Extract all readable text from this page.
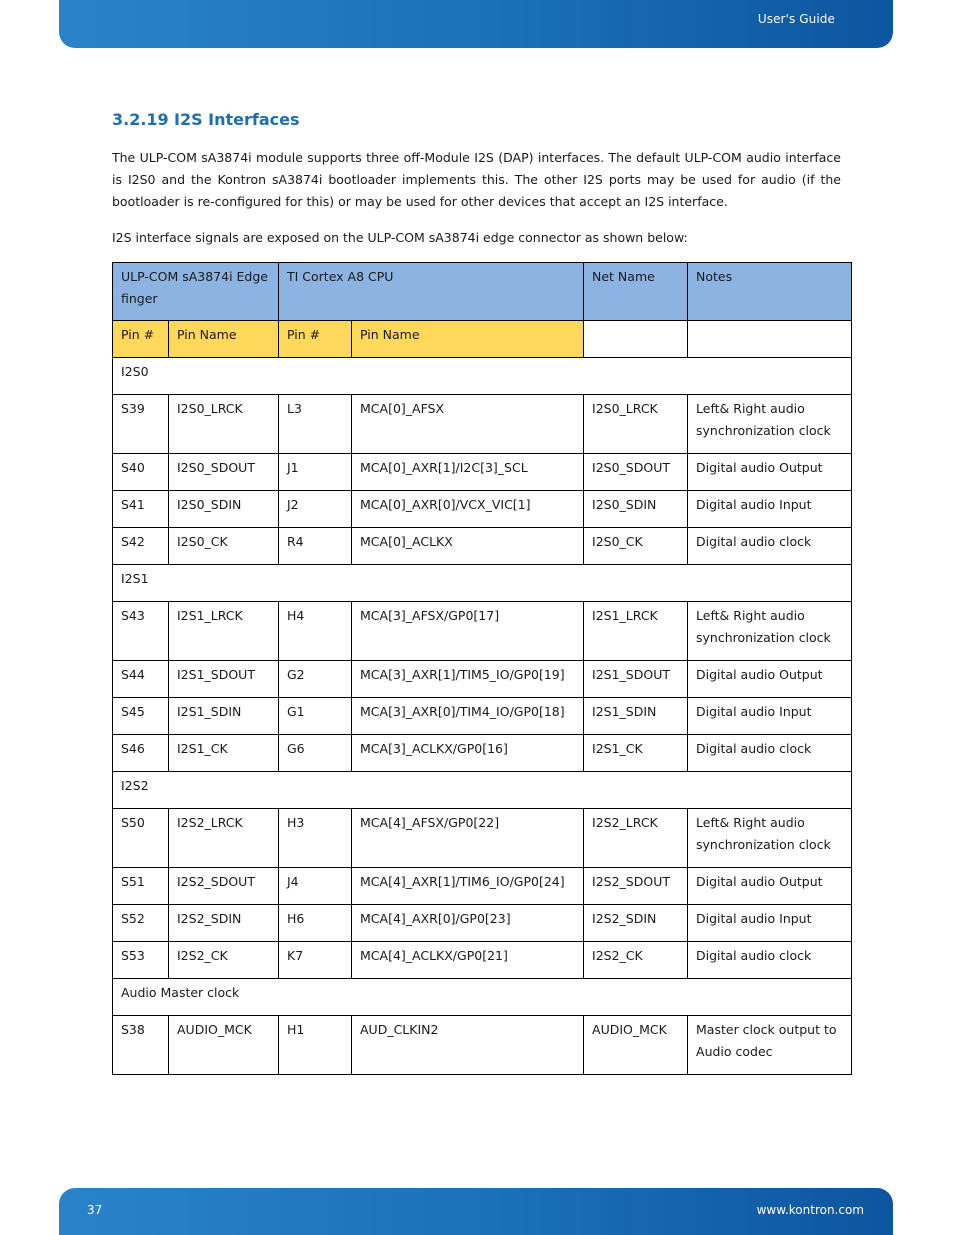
User's Guide
3.2.19 I2S Interfaces

The ULP-COM sA3874i module supports three off-Module I2S (DAP) interfaces. The default ULP-COM audio interface is I2S0 and the Kontron sA3874i bootloader implements this. The other I2S ports may be used for audio (if the bootloader is re-configured for this) or may be used for other devices that accept an I2S interface.

I2S interface signals are exposed on the ULP-COM sA3874i edge connector as shown below:

ULP-COM sA3874i Edge finger		TI Cortex A8 CPU		Net Name	Notes
Pin #	Pin Name	Pin #	Pin Name		
I2S0					
S39	I2S0_LRCK	L3	MCA[0]_AFSX	I2S0_LRCK	Left& Right audio synchronization clock
S40	I2S0_SDOUT	J1	MCA[0]_AXR[1]/I2C[3]_SCL	I2S0_SDOUT	Digital audio Output
S41	I2S0_SDIN	J2	MCA[0]_AXR[0]/VCX_VIC[1]	I2S0_SDIN	Digital audio Input
S42	I2S0_CK	R4	MCA[0]_ACLKX	I2S0_CK	Digital audio clock
I2S1					
S43	I2S1_LRCK	H4	MCA[3]_AFSX/GP0[17]	I2S1_LRCK	Left& Right audio synchronization clock
S44	I2S1_SDOUT	G2	MCA[3]_AXR[1]/TIM5_IO/GP0[19]	I2S1_SDOUT	Digital audio Output
S45	I2S1_SDIN	G1	MCA[3]_AXR[0]/TIM4_IO/GP0[18]	I2S1_SDIN	Digital audio Input
S46	I2S1_CK	G6	MCA[3]_ACLKX/GP0[16]	I2S1_CK	Digital audio clock
I2S2					
S50	I2S2_LRCK	H3	MCA[4]_AFSX/GP0[22]	I2S2_LRCK	Left& Right audio synchronization clock
S51	I2S2_SDOUT	J4	MCA[4]_AXR[1]/TIM6_IO/GP0[24]	I2S2_SDOUT	Digital audio Output
S52	I2S2_SDIN	H6	MCA[4]_AXR[0]/GP0[23]	I2S2_SDIN	Digital audio Input
S53	I2S2_CK	K7	MCA[4]_ACLKX/GP0[21]	I2S2_CK	Digital audio clock
Audio Master clock					
S38	AUDIO_MCK	H1	AUD_CLKIN2	AUDIO_MCK	Master clock output to Audio codec
37	www.kontron.com
